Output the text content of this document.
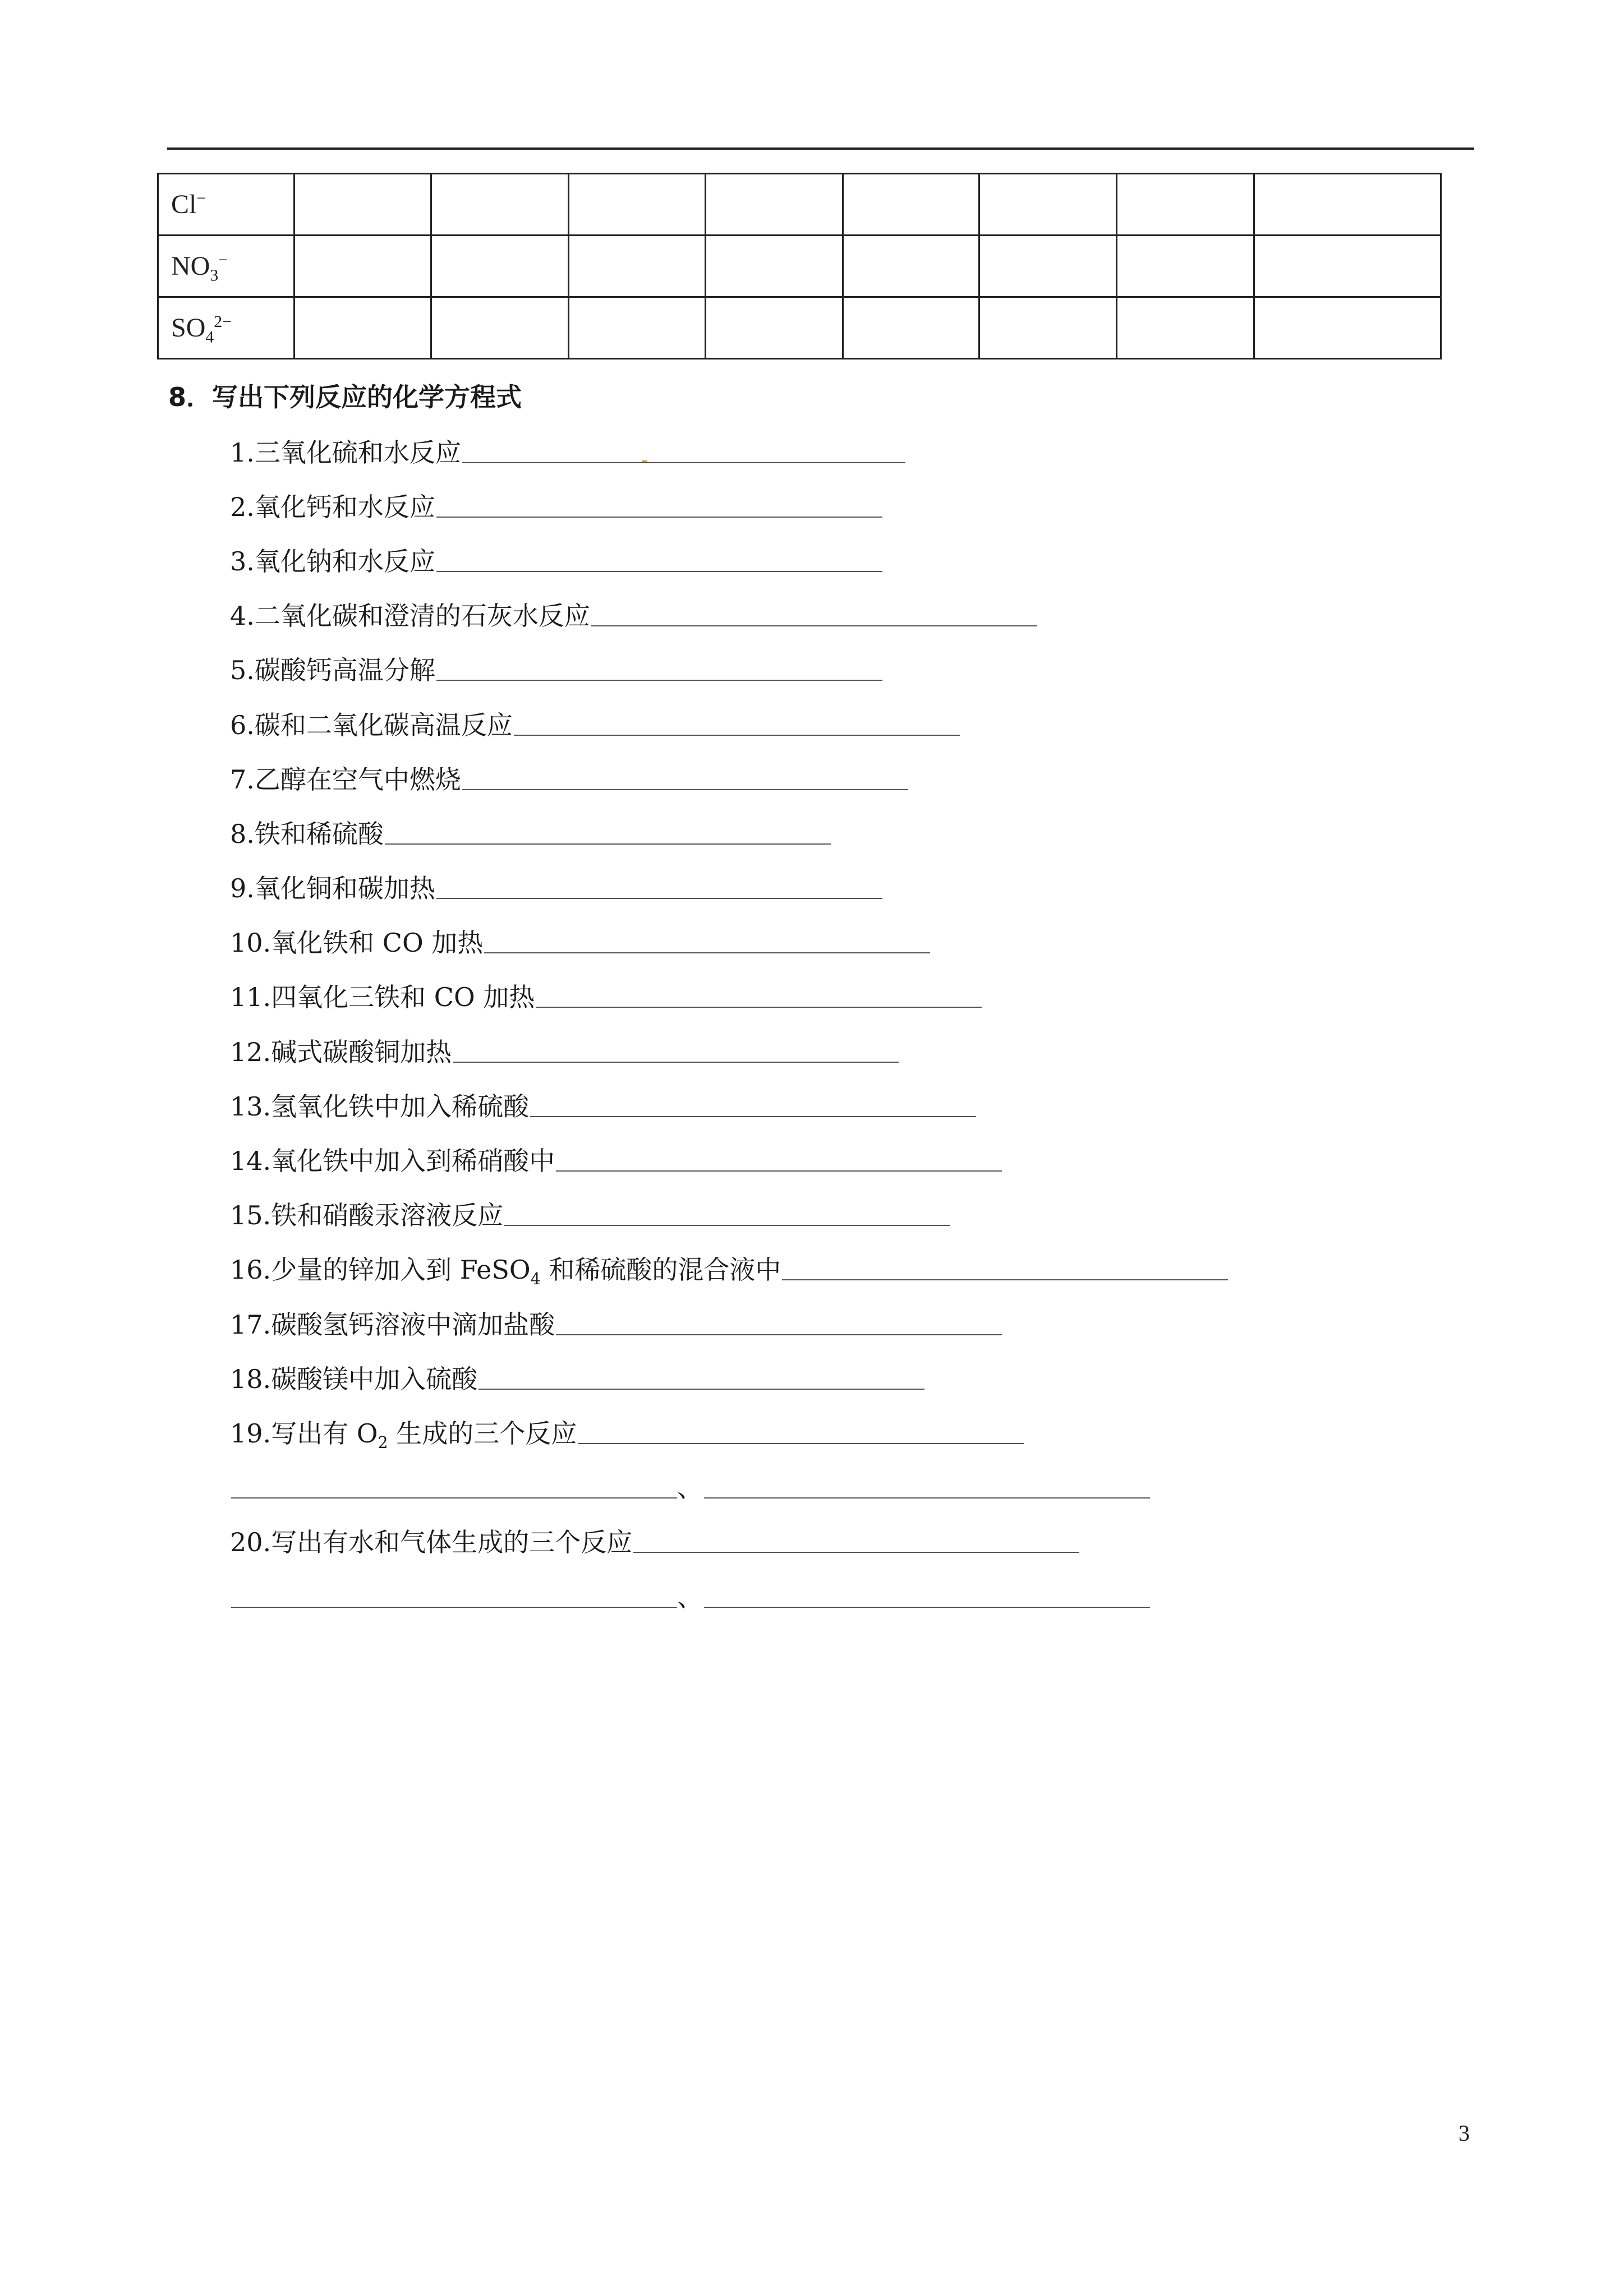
Cl−								
$NO_3^-$								
$SO_4^{2-}$								
8．写出下列反应的化学方程式
1.三氧化硫和水反应
2.氧化钙和水反应
3.氧化钠和水反应
4.二氧化碳和澄清的石灰水反应
5.碳酸钙高温分解
6.碳和二氧化碳高温反应
7.乙醇在空气中燃烧
8.铁和稀硫酸
9.氧化铜和碳加热
10.氧化铁和 CO 加热
11.四氧化三铁和 CO 加热
12.碱式碳酸铜加热
13.氢氧化铁中加入稀硫酸
14.氧化铁中加入到稀硝酸中
15.铁和硝酸汞溶液反应
16.少量的锌加入到 FeSO$_4$ 和稀硫酸的混合液中
17.碳酸氢钙溶液中滴加盐酸
18.碳酸镁中加入硫酸
19.写出有 $O_2$ 生成的三个反应
、
20.写出有水和气体生成的三个反应
、
3
